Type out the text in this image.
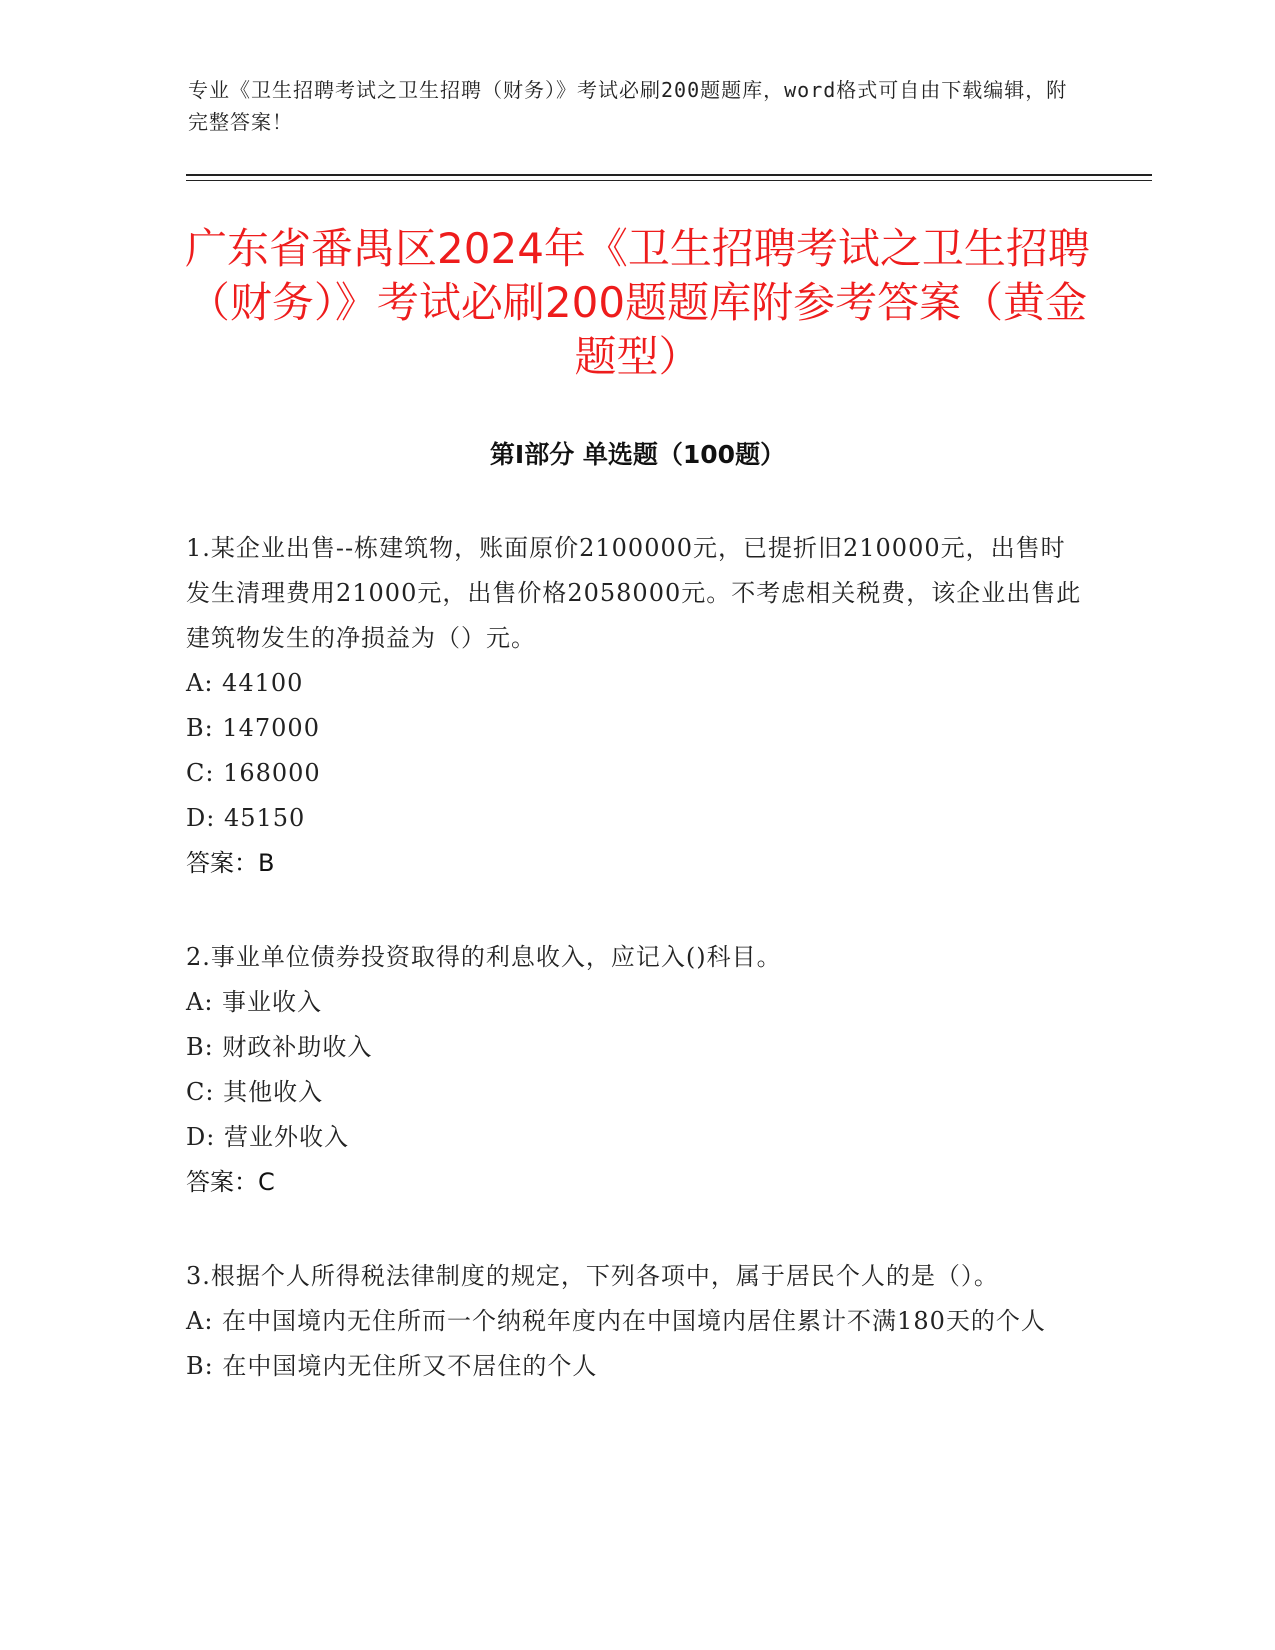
专业《卫生招聘考试之卫生招聘（财务）》考试必刷200题题库，word格式可自由下载编辑，附完整答案！
广东省番禺区2024年《卫生招聘考试之卫生招聘（财务）》考试必刷200题题库附参考答案（黄金题型）
第Ⅰ部分 单选题（100题）
1.某企业出售--栋建筑物，账面原价2100000元，已提折旧210000元，出售时发生清理费用21000元，出售价格2058000元。不考虑相关税费，该企业出售此建筑物发生的净损益为（）元。
A: 44100
B: 147000
C: 168000
D: 45150
答案：B
2.事业单位债券投资取得的利息收入，应记入()科目。
A: 事业收入
B: 财政补助收入
C: 其他收入
D: 营业外收入
答案：C
3.根据个人所得税法律制度的规定，下列各项中，属于居民个人的是（）。
A: 在中国境内无住所而一个纳税年度内在中国境内居住累计不满180天的个人
B: 在中国境内无住所又不居住的个人
